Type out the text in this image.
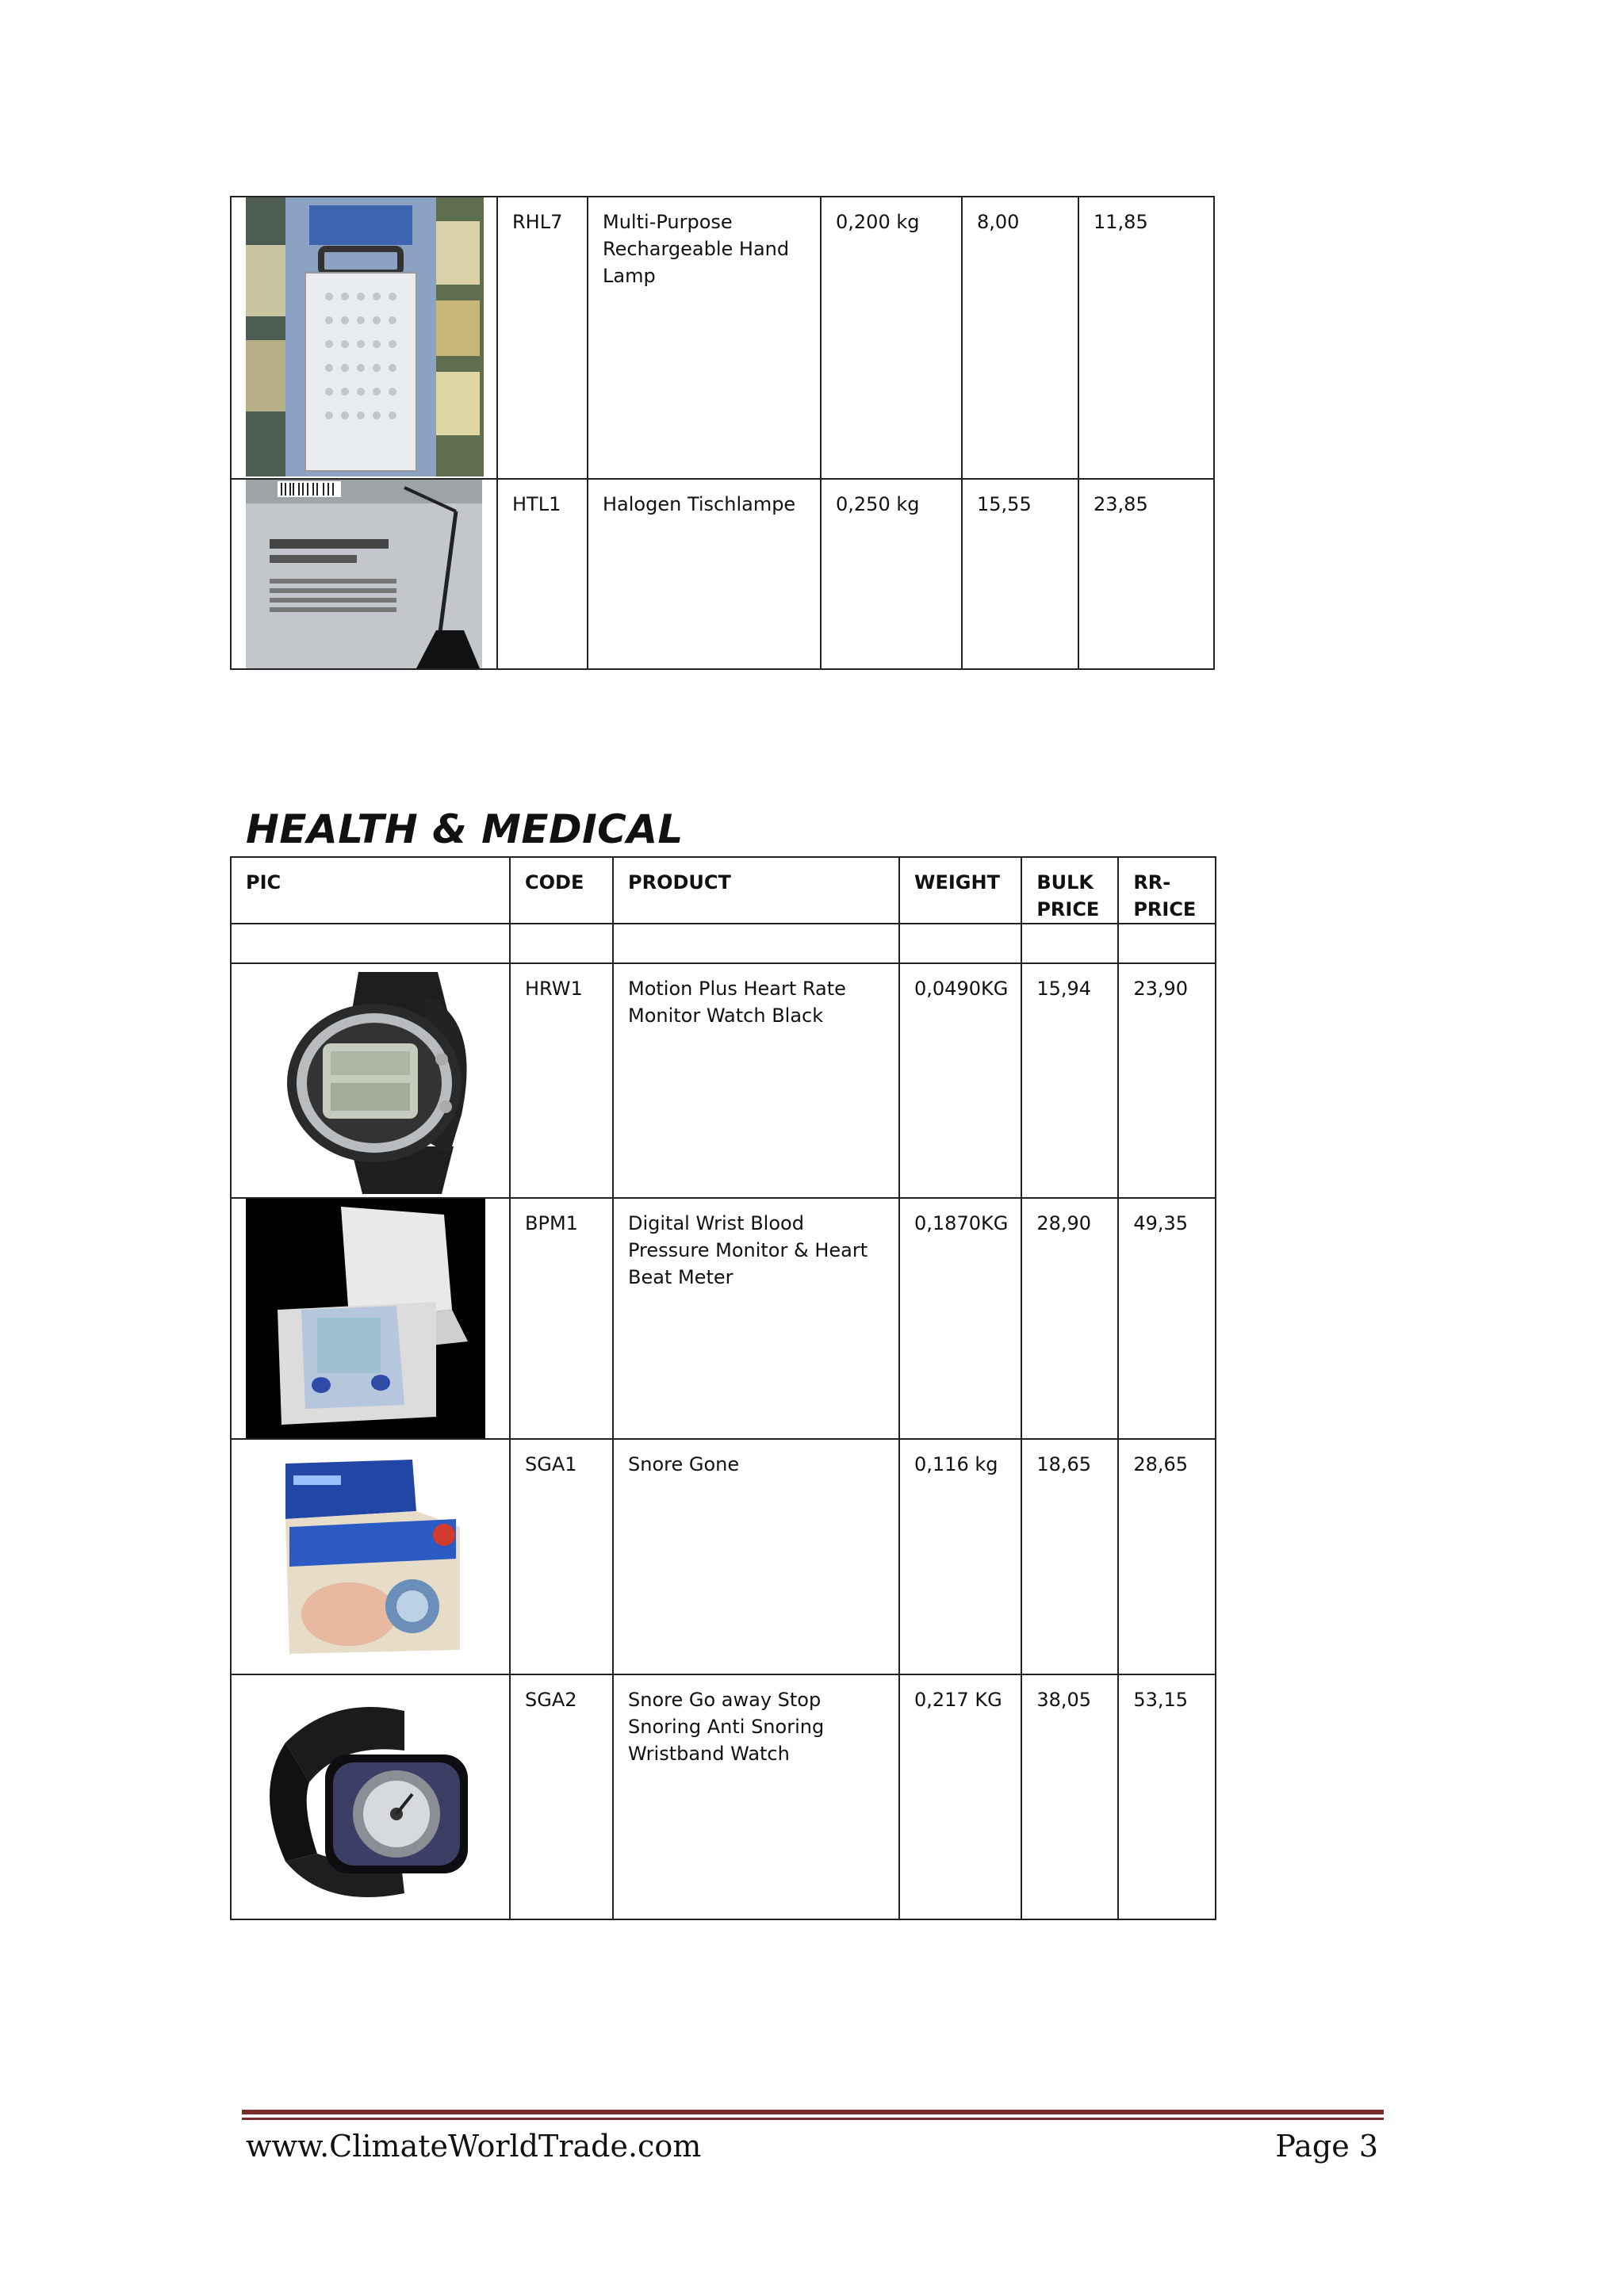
	RHL7	Multi-Purpose Rechargeable Hand Lamp	0,200 kg	8,00	11,85

	HTL1	Halogen Tischlampe	0,250 kg	15,55	23,85
HEALTH & MEDICAL
PIC	CODE	PRODUCT	WEIGHT	BULK PRICE	RR-PRICE

	HRW1	Motion Plus Heart Rate Monitor Watch Black	0,0490KG	15,94	23,90

	BPM1	Digital Wrist Blood Pressure Monitor & Heart Beat Meter	0,1870KG	28,90	49,35

	SGA1	Snore Gone	0,116 kg	18,65	28,65

	SGA2	Snore Go away Stop Snoring Anti Snoring Wristband Watch	0,217 KG	38,05	53,15
www.ClimateWorldTrade.com	Page 3
